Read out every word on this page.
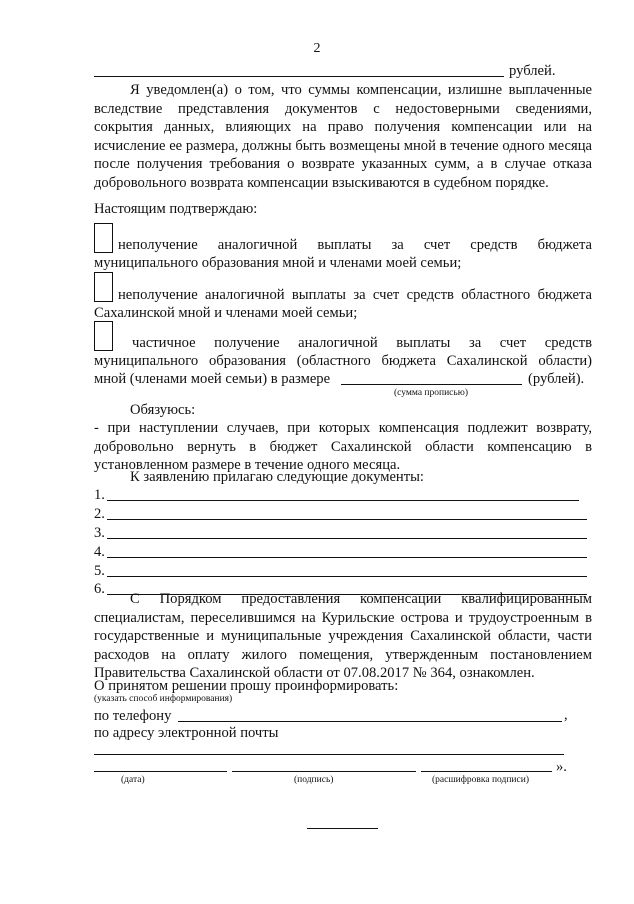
2
рублей.
Я уведомлен(а) о том, что суммы компенсации, излишне выплаченные вследствие представления документов с недостоверными сведениями, сокрытия данных, влияющих на право получения компенсации или на исчисление ее размера, должны быть возмещены мной в течение одного месяца после получения требования о возврате указанных сумм, а в случае отказа добровольного возврата компенсации взыскиваются в судебном порядке.
Настоящим подтверждаю:
неполучение аналогичной выплаты за счет средств бюджета
муниципального образования мной и членами моей семьи;
неполучение аналогичной выплаты за счет средств областного бюджета
Сахалинской мной и членами моей семьи;
частичное получение аналогичной выплаты за счет средств
муниципального образования (областного бюджета Сахалинской области)
мной (членами моей семьи) в размере	(рублей).
(сумма прописью)
Обязуюсь:
- при наступлении случаев, при которых компенсация подлежит возврату, добровольно вернуть в бюджет Сахалинской области компенсацию в установленном размере в течение одного месяца.
К заявлению прилагаю следующие документы:
1.
2.
3.
4.
5.
6.
С Порядком предоставления компенсации квалифицированным специалистам, переселившимся на Курильские острова и трудоустроенным в государственные и муниципальные учреждения Сахалинской области, части расходов на оплату жилого помещения, утвержденным постановлением Правительства Сахалинской области от 07.08.2017 № 364, ознакомлен.
О принятом решении прошу проинформировать:
(указать способ информирования)
по телефону	,
по адресу электронной почты
».
(дата)	(подпись)	(расшифровка подписи)
